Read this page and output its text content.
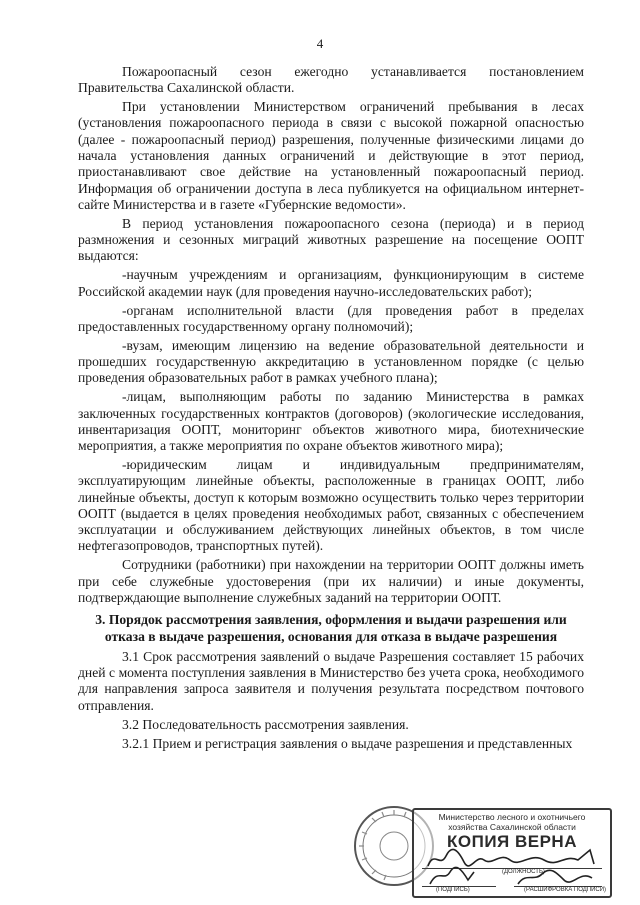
4

Пожароопасный сезон ежегодно устанавливается постановлением Правительства Сахалинской области.

При установлении Министерством ограничений пребывания в лесах (установления пожароопасного периода в связи с высокой пожарной опасностью (далее - пожароопасный период) разрешения, полученные физическими лицами до начала установления данных ограничений и действующие в этот период, приостанавливают свое действие на установленный пожароопасный период. Информация об ограничении доступа в леса публикуется на официальном интернет-сайте Министерства и в газете «Губернские ведомости».

В период установления пожароопасного сезона (периода) и в период размножения и сезонных миграций животных разрешение на посещение ООПТ выдаются:

-научным учреждениям и организациям, функционирующим в системе Российской академии наук (для проведения научно-исследовательских работ);

-органам исполнительной власти (для проведения работ в пределах предоставленных государственному органу полномочий);

-вузам, имеющим лицензию на ведение образовательной деятельности и прошедших государственную аккредитацию в установленном порядке (с целью проведения образовательных работ в рамках учебного плана);

-лицам, выполняющим работы по заданию Министерства в рамках заключенных государственных контрактов (договоров) (экологические исследования, инвентаризация ООПТ, мониторинг объектов животного мира, биотехнические мероприятия, а также мероприятия по охране объектов животного мира);

-юридическим лицам и индивидуальным предпринимателям, эксплуатирующим линейные объекты, расположенные в границах ООПТ, либо линейные объекты, доступ к которым возможно осуществить только через территории ООПТ (выдается в целях проведения необходимых работ, связанных с обеспечением эксплуатации и обслуживанием действующих линейных объектов, в том числе нефтегазопроводов, транспортных путей).

Сотрудники (работники) при нахождении на территории ООПТ должны иметь при себе служебные удостоверения (при их наличии) и иные документы, подтверждающие выполнение служебных заданий на территории ООПТ.

3. Порядок рассмотрения заявления, оформления и выдачи разрешения или отказа в выдаче разрешения, основания для отказа в выдаче разрешения

3.1 Срок рассмотрения заявлений о выдаче Разрешения составляет 15 рабочих дней с момента поступления заявления в Министерство без учета срока, необходимого для направления запроса заявителя и получения результата посредством почтового отправления.

3.2 Последовательность рассмотрения заявления.

3.2.1 Прием и регистрация заявления о выдаче разрешения и представленных

Министерство лесного и охотничьего хозяйства Сахалинской области
КОПИЯ ВЕРНА
(ДОЛЖНОСТЬ)
(ПОДПИСЬ)	(РАСШИФРОВКА ПОДПИСИ)
